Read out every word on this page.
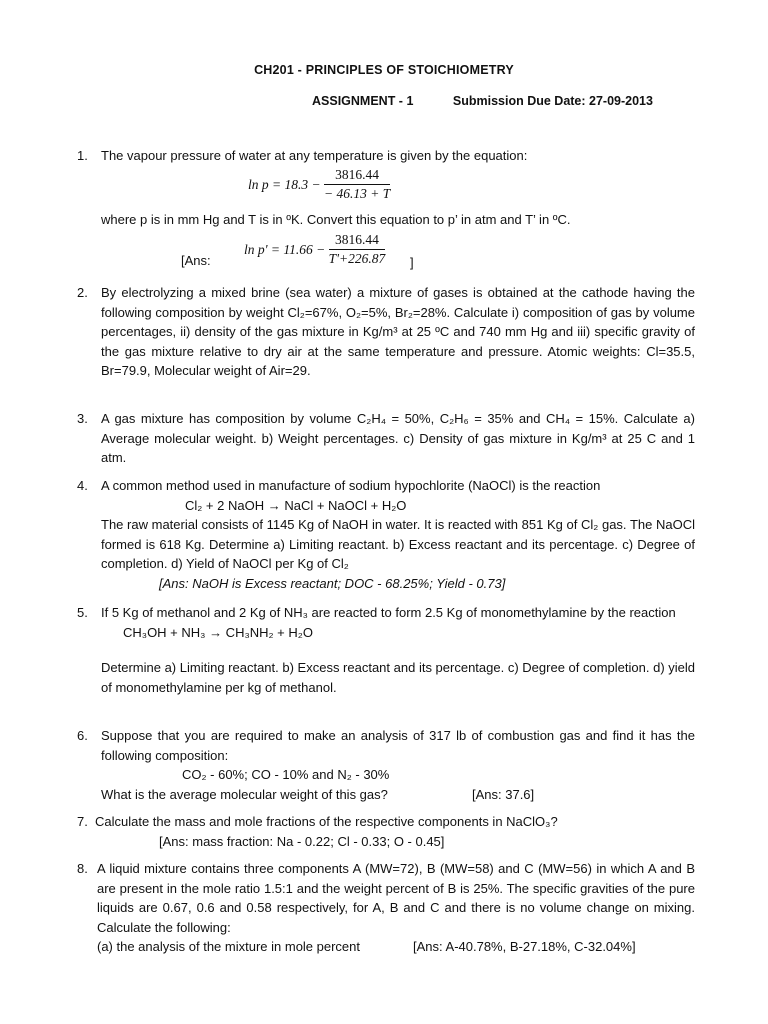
CH201 - PRINCIPLES OF STOICHIOMETRY
ASSIGNMENT - 1	Submission Due Date: 27-09-2013
1. The vapour pressure of water at any temperature is given by the equation:
$\ln p = 18.3 - \frac{3816.44}{- 46.13 + T}$
where p is in mm Hg and T is in ºK. Convert this equation to p’ in atm and T’ in ºC.
[Ans:
$\ln p' = 11.66 - \frac{3816.44}{T'+226.87}$ ]
2. By electrolyzing a mixed brine (sea water) a mixture of gases is obtained at the cathode having the following composition by weight Cl₂=67%, O₂=5%, Br₂=28%. Calculate i) composition of gas by volume percentages, ii) density of the gas mixture in Kg/m³ at 25 ºC and 740 mm Hg and iii) specific gravity of the gas mixture relative to dry air at the same temperature and pressure. Atomic weights: Cl=35.5, Br=79.9, Molecular weight of Air=29.
3. A gas mixture has composition by volume C₂H₄ = 50%, C₂H₆ = 35% and CH₄ = 15%. Calculate a) Average molecular weight. b) Weight percentages. c) Density of gas mixture in Kg/m³ at 25 C and 1 atm.
4. A common method used in manufacture of sodium hypochlorite (NaOCl) is the reaction
Cl₂ + 2 NaOH → NaCl + NaOCl + H₂O
The raw material consists of 1145 Kg of NaOH in water. It is reacted with 851 Kg of Cl₂ gas. The NaOCl formed is 618 Kg. Determine a) Limiting reactant. b) Excess reactant and its percentage. c) Degree of completion. d) Yield of NaOCl per Kg of Cl₂
[Ans: NaOH is Excess reactant; DOC - 68.25%; Yield - 0.73]
5. If 5 Kg of methanol and 2 Kg of NH₃ are reacted to form 2.5 Kg of monomethylamine by the reaction
CH₃OH + NH₃ → CH₃NH₂ + H₂O
Determine a) Limiting reactant. b) Excess reactant and its percentage. c) Degree of completion. d) yield of monomethylamine per kg of methanol.
6. Suppose that you are required to make an analysis of 317 lb of combustion gas and find it has the following composition:
CO₂ - 60%; CO - 10% and N₂ - 30%
What is the average molecular weight of this gas?	[Ans: 37.6]
7. Calculate the mass and mole fractions of the respective components in NaClO₃?
[Ans: mass fraction: Na - 0.22; Cl - 0.33; O - 0.45]
8. A liquid mixture contains three components A (MW=72), B (MW=58) and C (MW=56) in which A and B are present in the mole ratio 1.5:1 and the weight percent of B is 25%. The specific gravities of the pure liquids are 0.67, 0.6 and 0.58 respectively, for A, B and C and there is no volume change on mixing. Calculate the following:
(a) the analysis of the mixture in mole percent	[Ans: A-40.78%, B-27.18%, C-32.04%]
